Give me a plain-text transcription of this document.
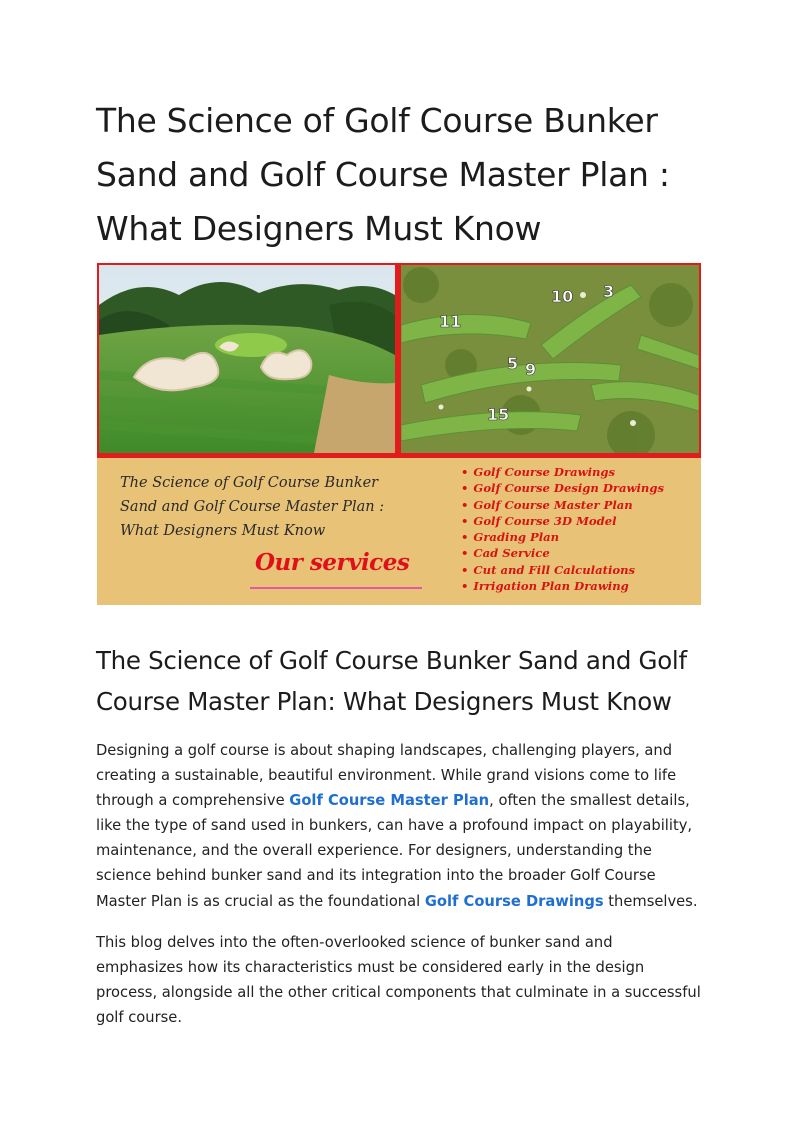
The Science of Golf Course Bunker Sand and Golf Course Master Plan : What Designers Must Know
10 3
11
5 9
15
The Science of Golf Course Bunker
Sand and Golf Course Master Plan :
What Designers Must Know
Our services
• Golf Course Drawings
• Golf Course Design Drawings
• Golf Course Master Plan
• Golf Course 3D Model
• Grading Plan
• Cad Service
• Cut and Fill Calculations
• Irrigation Plan Drawing
The Science of Golf Course Bunker Sand and Golf Course Master Plan: What Designers Must Know

Designing a golf course is about shaping landscapes, challenging players, and creating a sustainable, beautiful environment. While grand visions come to life through a comprehensive Golf Course Master Plan, often the smallest details, like the type of sand used in bunkers, can have a profound impact on playability, maintenance, and the overall experience. For designers, understanding the science behind bunker sand and its integration into the broader Golf Course Master Plan is as crucial as the foundational Golf Course Drawings themselves.

This blog delves into the often-overlooked science of bunker sand and emphasizes how its characteristics must be considered early in the design process, alongside all the other critical components that culminate in a successful golf course.
